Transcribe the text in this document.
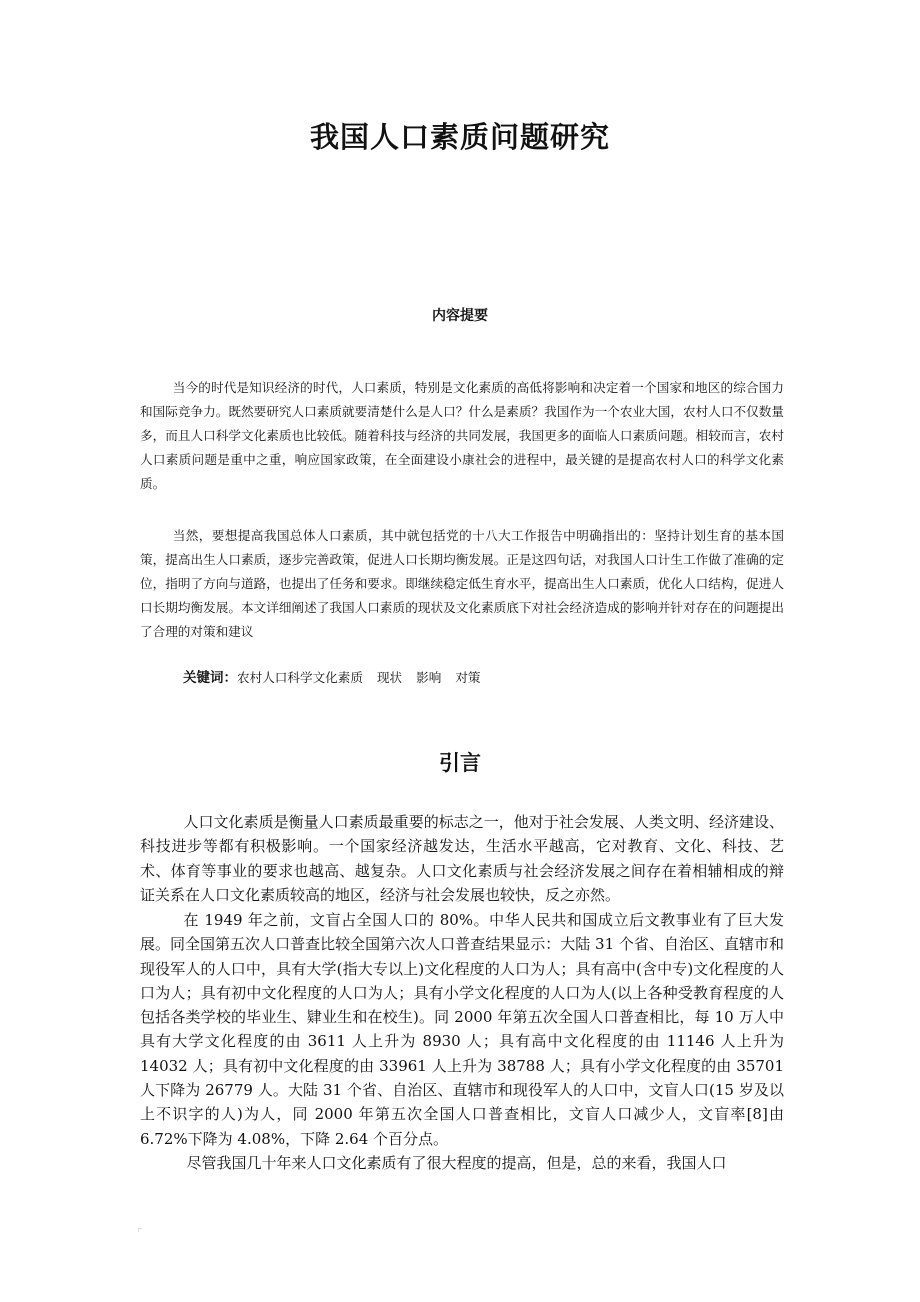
我国人口素质问题研究
内容提要

当今的时代是知识经济的时代，人口素质，特别是文化素质的高低将影响和决定着一个国家和地区的综合国力和国际竞争力。既然要研究人口素质就要清楚什么是人口？什么是素质？我国作为一个农业大国，农村人口不仅数量多，而且人口科学文化素质也比较低。随着科技与经济的共同发展，我国更多的面临人口素质问题。相较而言，农村人口素质问题是重中之重，响应国家政策，在全面建设小康社会的进程中，最关键的是提高农村人口的科学文化素质。

当然，要想提高我国总体人口素质，其中就包括党的十八大工作报告中明确指出的：坚持计划生育的基本国策，提高出生人口素质，逐步完善政策，促进人口长期均衡发展。正是这四句话，对我国人口计生工作做了准确的定位，指明了方向与道路，也提出了任务和要求。即继续稳定低生育水平，提高出生人口素质，优化人口结构，促进人口长期均衡发展。本文详细阐述了我国人口素质的现状及文化素质底下对社会经济造成的影响并针对存在的问题提出了合理的对策和建议

关键词：农村人口科学文化素质 现状 影响 对策

引言

人口文化素质是衡量人口素质最重要的标志之一，他对于社会发展、人类文明、经济建设、科技进步等都有积极影响。一个国家经济越发达，生活水平越高，它对教育、文化、科技、艺术、体育等事业的要求也越高、越复杂。人口文化素质与社会经济发展之间存在着相辅相成的辩证关系在人口文化素质较高的地区，经济与社会发展也较快，反之亦然。

在 1949 年之前，文盲占全国人口的 80%。中华人民共和国成立后文教事业有了巨大发展。同全国第五次人口普查比较全国第六次人口普查结果显示：大陆 31 个省、自治区、直辖市和现役军人的人口中，具有大学(指大专以上)文化程度的人口为人；具有高中(含中专)文化程度的人口为人；具有初中文化程度的人口为人；具有小学文化程度的人口为人(以上各种受教育程度的人包括各类学校的毕业生、肄业生和在校生)。同 2000 年第五次全国人口普查相比，每 10 万人中具有大学文化程度的由 3611 人上升为 8930 人；具有高中文化程度的由 11146 人上升为 14032 人；具有初中文化程度的由 33961 人上升为 38788 人；具有小学文化程度的由 35701 人下降为 26779 人。大陆 31 个省、自治区、直辖市和现役军人的人口中，文盲人口(15 岁及以上不识字的人)为人，同 2000 年第五次全国人口普查相比，文盲人口减少人，文盲率[8]由 6.72%下降为 4.08%，下降 2.64 个百分点。

尽管我国几十年来人口文化素质有了很大程度的提高，但是，总的来看，我国人口
